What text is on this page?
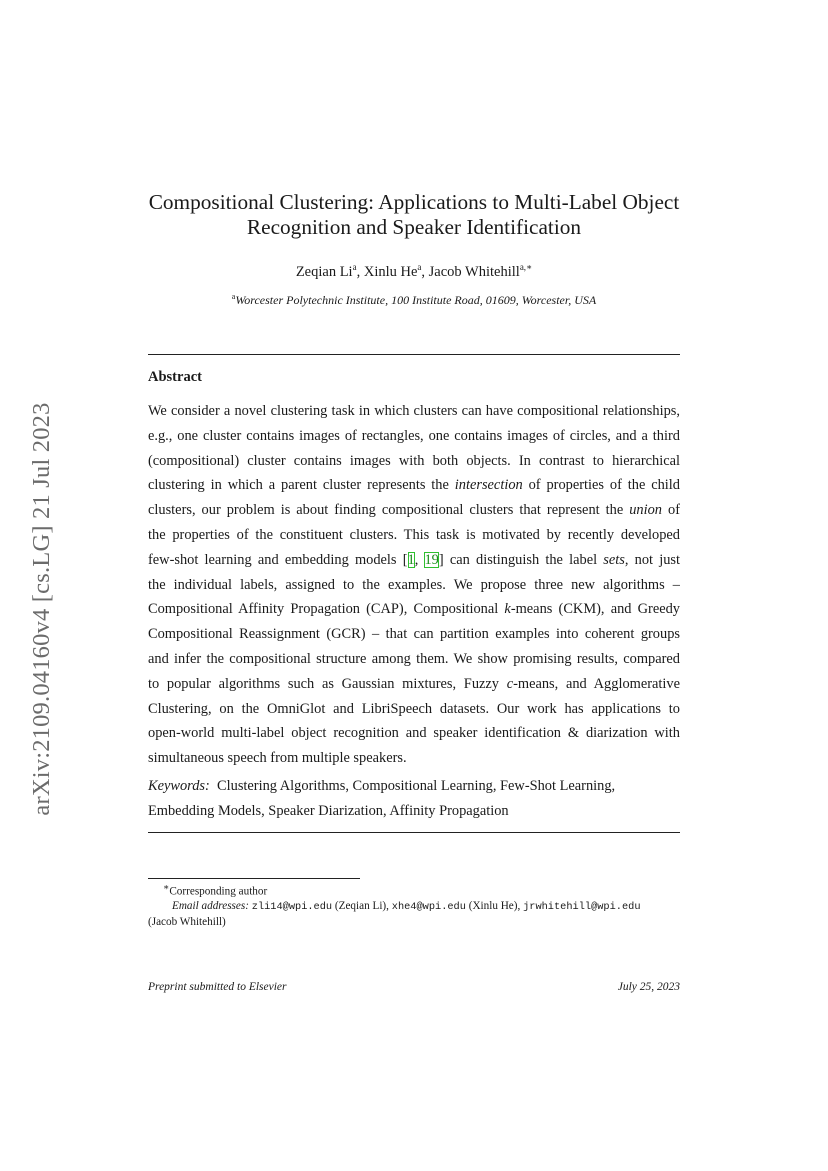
arXiv:2109.04160v4 [cs.LG] 21 Jul 2023
Compositional Clustering: Applications to Multi-Label Object
Recognition and Speaker Identification
Zeqian Li$^a$, Xinlu He$^a$, Jacob Whitehill$^{a,∗}$
$^a$Worcester Polytechnic Institute, 100 Institute Road, 01609, Worcester, USA
Abstract
We consider a novel clustering task in which clusters can have compositional relationships,
e.g., one cluster contains images of rectangles, one contains images of circles, and a third
(compositional) cluster contains images with both objects. In contrast to hierarchical
clustering in which a parent cluster represents the intersection of properties of the child
clusters, our problem is about finding compositional clusters that represent the union of
the properties of the constituent clusters. This task is motivated by recently developed
few-shot learning and embedding models [1, 19] can distinguish the label sets, not just
the individual labels, assigned to the examples. We propose three new algorithms –
Compositional Affinity Propagation (CAP), Compositional k-means (CKM), and Greedy
Compositional Reassignment (GCR) – that can partition examples into coherent groups
and infer the compositional structure among them. We show promising results, compared
to popular algorithms such as Gaussian mixtures, Fuzzy c-means, and Agglomerative
Clustering, on the OmniGlot and LibriSpeech datasets. Our work has applications to
open-world multi-label object recognition and speaker identification & diarization with
simultaneous speech from multiple speakers.
Keywords: Clustering Algorithms, Compositional Learning, Few-Shot Learning,
Embedding Models, Speaker Diarization, Affinity Propagation
∗Corresponding author
Email addresses: zli14@wpi.edu (Zeqian Li), xhe4@wpi.edu (Xinlu He), jrwhitehill@wpi.edu
(Jacob Whitehill)
Preprint submitted to Elsevier	July 25, 2023
